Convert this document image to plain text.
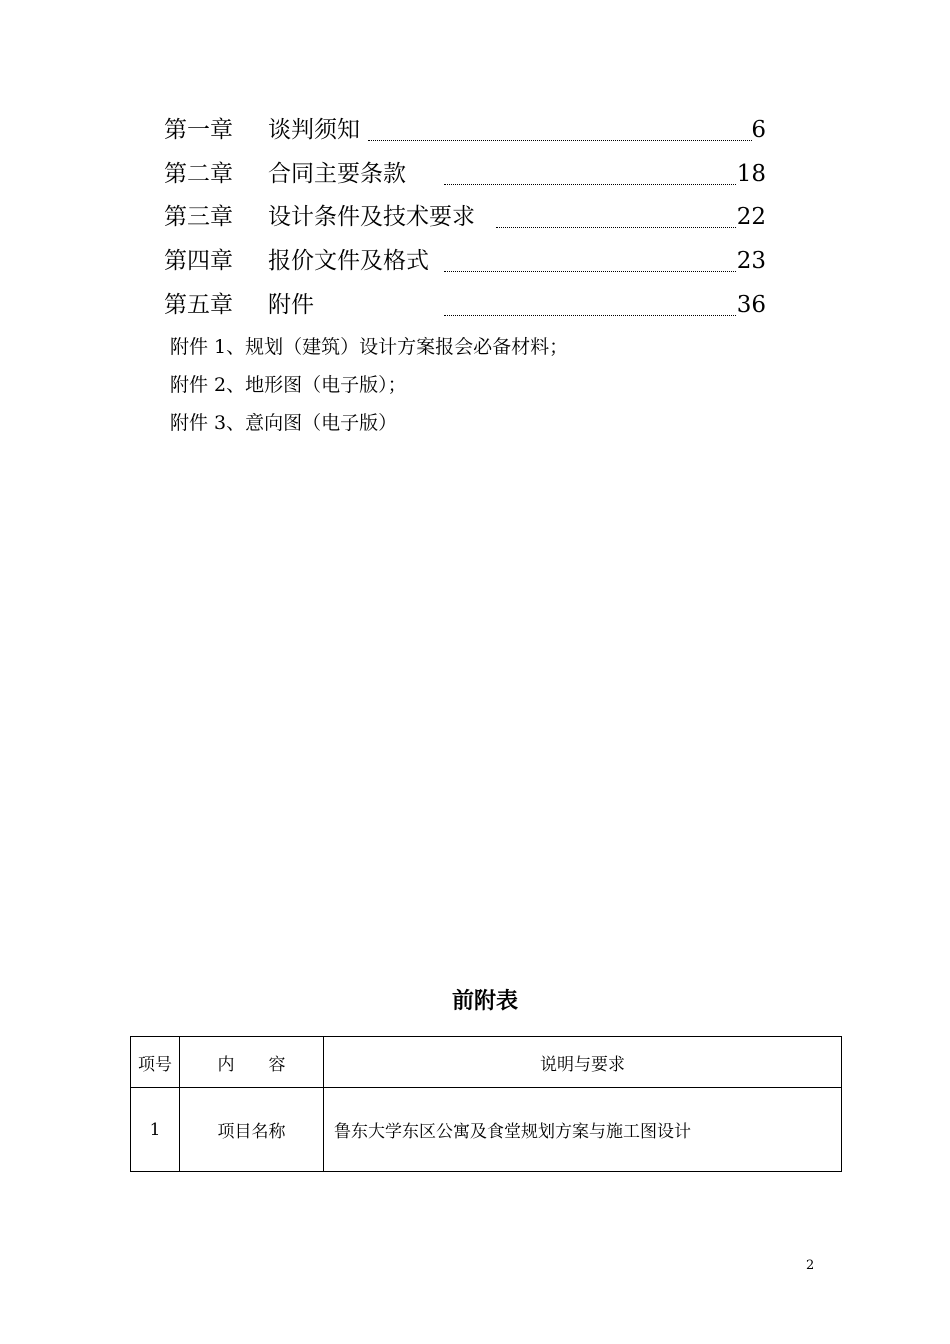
第一章 谈判须知	6
第二章 合同主要条款	18
第三章 设计条件及技术要求	22
第四章 报价文件及格式	23
第五章 附件	36
附件 1、规划（建筑）设计方案报会必备材料；
附件 2、地形图（电子版）；
附件 3、意向图（电子版）
前附表
项号	内　　容	说明与要求
1	项目名称	鲁东大学东区公寓及食堂规划方案与施工图设计
2
